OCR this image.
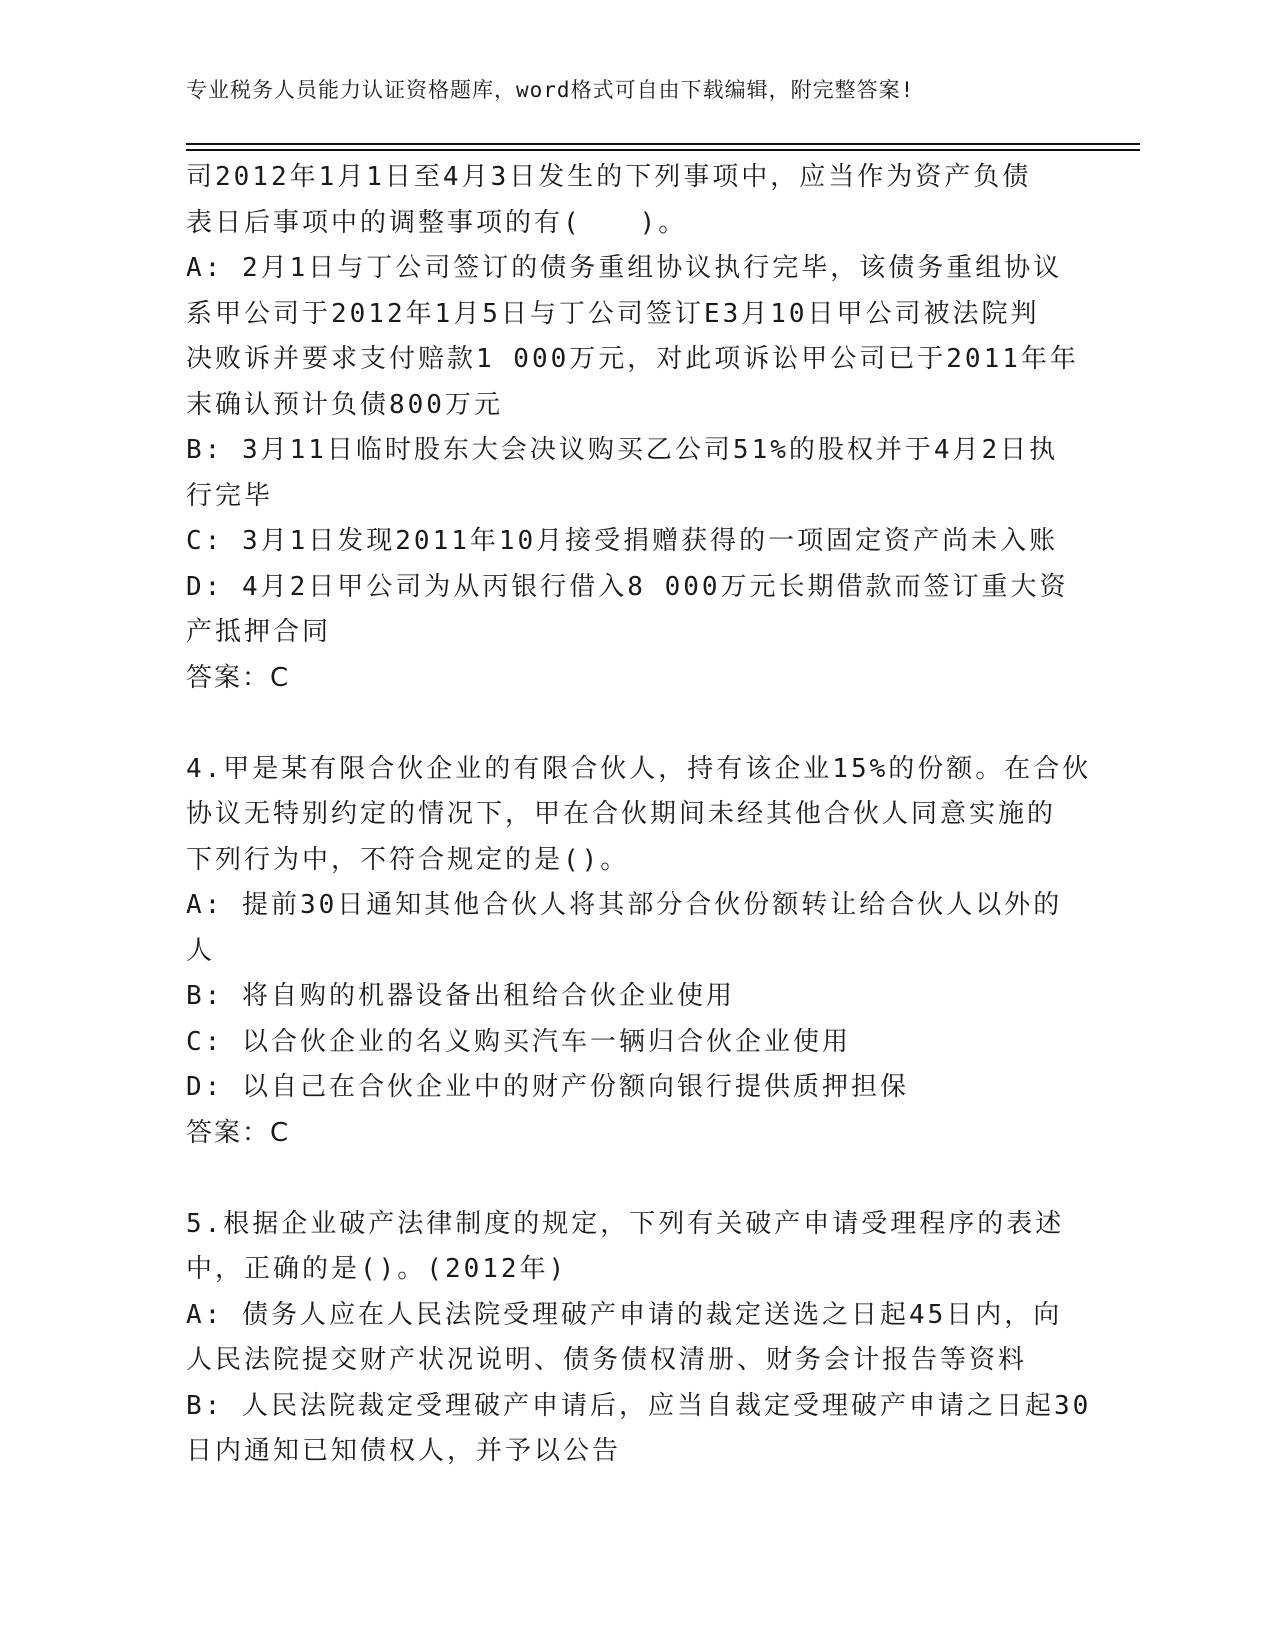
专业税务人员能力认证资格题库，word格式可自由下载编辑，附完整答案!
司2012年1月1日至4月3日发生的下列事项中，应当作为资产负债
表日后事项中的调整事项的有(　　)。
A: 2月1日与丁公司签订的债务重组协议执行完毕，该债务重组协议
系甲公司于2012年1月5日与丁公司签订E3月10日甲公司被法院判
决败诉并要求支付赔款1 000万元，对此项诉讼甲公司已于2011年年
末确认预计负债800万元
B: 3月11日临时股东大会决议购买乙公司51%的股权并于4月2日执
行完毕
C: 3月1日发现2011年10月接受捐赠获得的一项固定资产尚未入账
D: 4月2日甲公司为从丙银行借入8 000万元长期借款而签订重大资
产抵押合同
答案：C
4.甲是某有限合伙企业的有限合伙人，持有该企业15%的份额。在合伙
协议无特别约定的情况下，甲在合伙期间未经其他合伙人同意实施的
下列行为中，不符合规定的是()。
A: 提前30日通知其他合伙人将其部分合伙份额转让给合伙人以外的
人
B: 将自购的机器设备出租给合伙企业使用
C: 以合伙企业的名义购买汽车一辆归合伙企业使用
D: 以自己在合伙企业中的财产份额向银行提供质押担保
答案：C
5.根据企业破产法律制度的规定，下列有关破产申请受理程序的表述
中，正确的是()。(2012年)
A: 债务人应在人民法院受理破产申请的裁定送选之日起45日内，向
人民法院提交财产状况说明、债务债权清册、财务会计报告等资料
B: 人民法院裁定受理破产申请后，应当自裁定受理破产申请之日起30
日内通知已知债权人，并予以公告
